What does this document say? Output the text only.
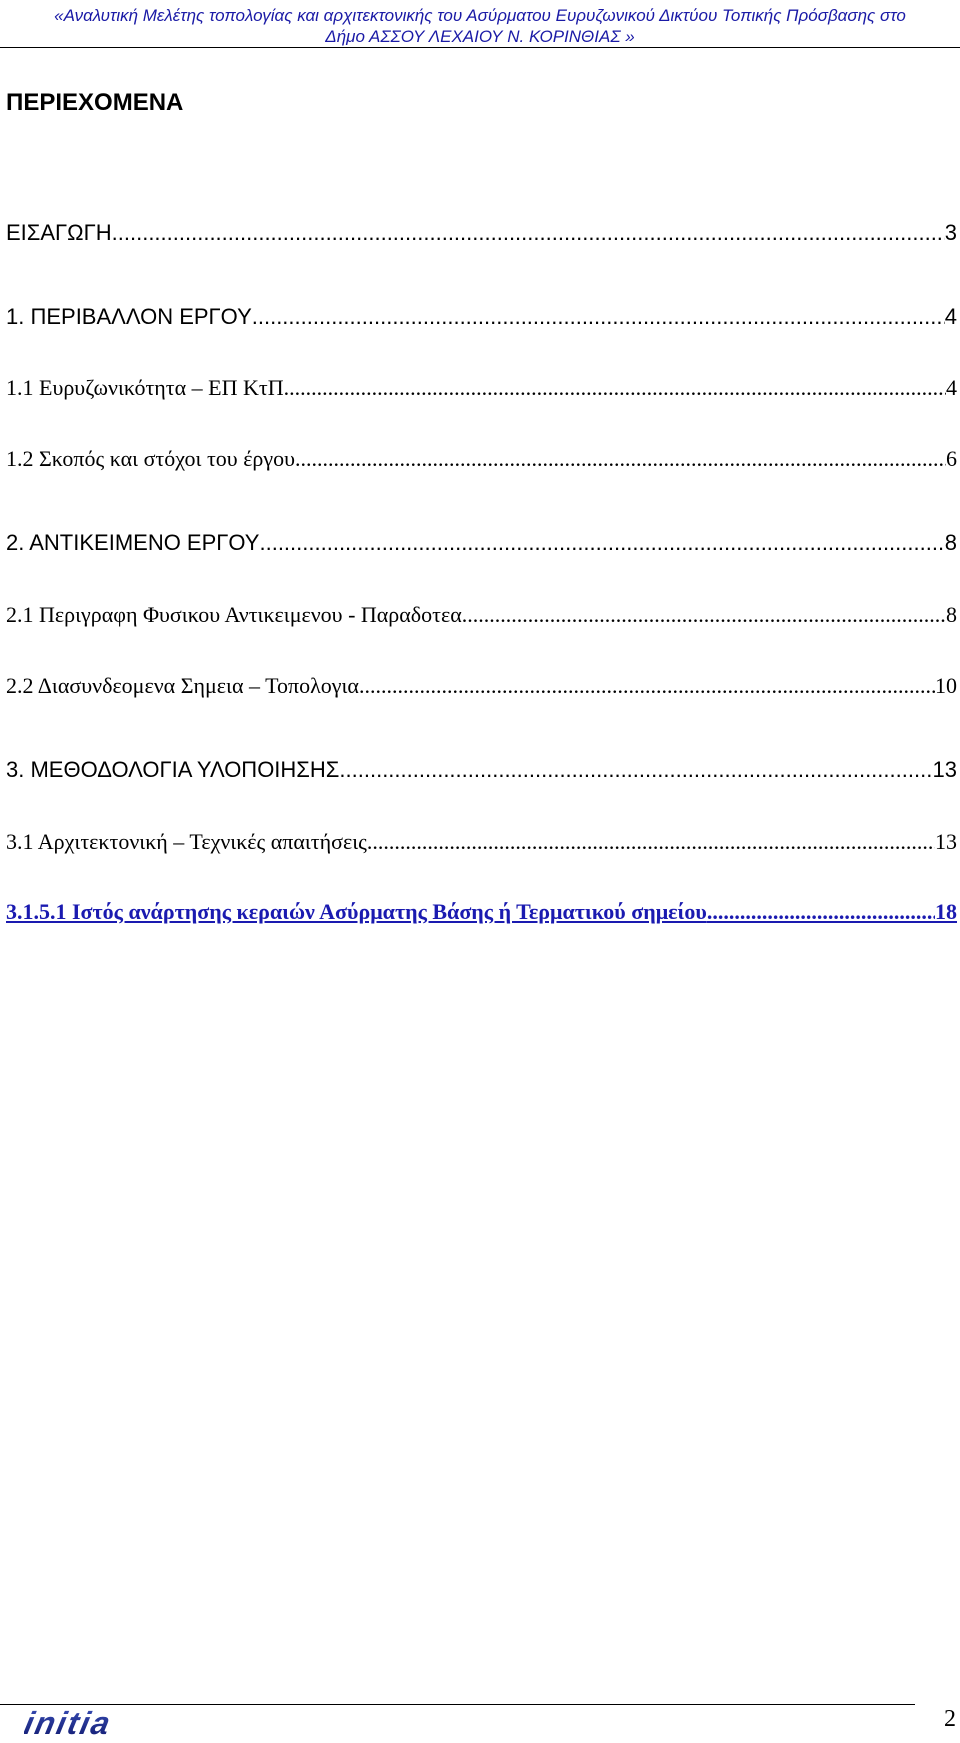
«Αναλυτική Μελέτης τοπολογίας και αρχιτεκτονικής του Ασύρματου Ευρυζωνικού Δικτύου Τοπικής Πρόσβασης στο
Δήμο ΑΣΣΟΥ ΛΕΧΑΙΟΥ Ν. ΚΟΡΙΝΘΙΑΣ »
ΠΕΡΙΕΧΟΜΕΝΑ
ΕΙΣΑΓΩΓΗ .....	3
1. ΠΕΡΙΒΑΛΛΟΝ ΕΡΓΟΥ .....	4
1.1 Ευρυζωνικότητα – ΕΠ ΚτΠ .....	4
1.2 Σκοπός και στόχοι του έργου .....	6
2. ΑΝΤΙΚΕΙΜΕΝΟ ΕΡΓΟΥ .....	8
2.1 Περιγραφη Φυσικου Αντικειμενου - Παραδοτεα .....	8
2.2 Διασυνδεομενα Σημεια – Τοπολογια .....	10
3. ΜΕΘΟΔΟΛΟΓΙΑ ΥΛΟΠΟΙΗΣΗΣ .....	13
3.1 Αρχιτεκτονική – Τεχνικές απαιτήσεις .....	13
3.1.5.1 Ιστός ανάρτησης κεραιών Ασύρματης Βάσης ή Τερματικού σημείου .....	18
initia	2
